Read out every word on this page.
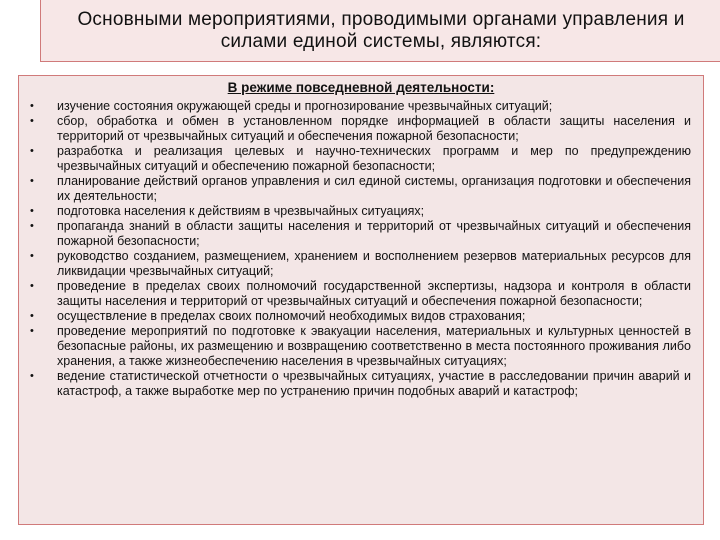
Основными мероприятиями, проводимыми органами управления и
силами единой системы, являются:
В режиме повседневной деятельности:
• изучение состояния окружающей среды и прогнозирование чрезвычайных ситуаций;
• сбор, обработка и обмен в установленном порядке информацией в области защиты населения и территорий от чрезвычайных ситуаций и обеспечения пожарной безопасности;
• разработка и реализация целевых и научно-технических программ и мер по предупреждению чрезвычайных ситуаций и обеспечению пожарной безопасности;
• планирование действий органов управления и сил единой системы, организация подготовки и обеспечения их деятельности;
• подготовка населения к действиям в чрезвычайных ситуациях;
• пропаганда знаний в области защиты населения и территорий от чрезвычайных ситуаций и обеспечения пожарной безопасности;
• руководство созданием, размещением, хранением и восполнением резервов материальных ресурсов для ликвидации чрезвычайных ситуаций;
• проведение в пределах своих полномочий государственной экспертизы, надзора и контроля в области защиты населения и территорий от чрезвычайных ситуаций и обеспечения пожарной безопасности;
• осуществление в пределах своих полномочий необходимых видов страхования;
• проведение мероприятий по подготовке к эвакуации населения, материальных и культурных ценностей в безопасные районы, их размещению и возвращению соответственно в места постоянного проживания либо хранения, а также жизнеобеспечению населения в чрезвычайных ситуациях;
• ведение статистической отчетности о чрезвычайных ситуациях, участие в расследовании причин аварий и катастроф, а также выработке мер по устранению причин подобных аварий и катастроф;
